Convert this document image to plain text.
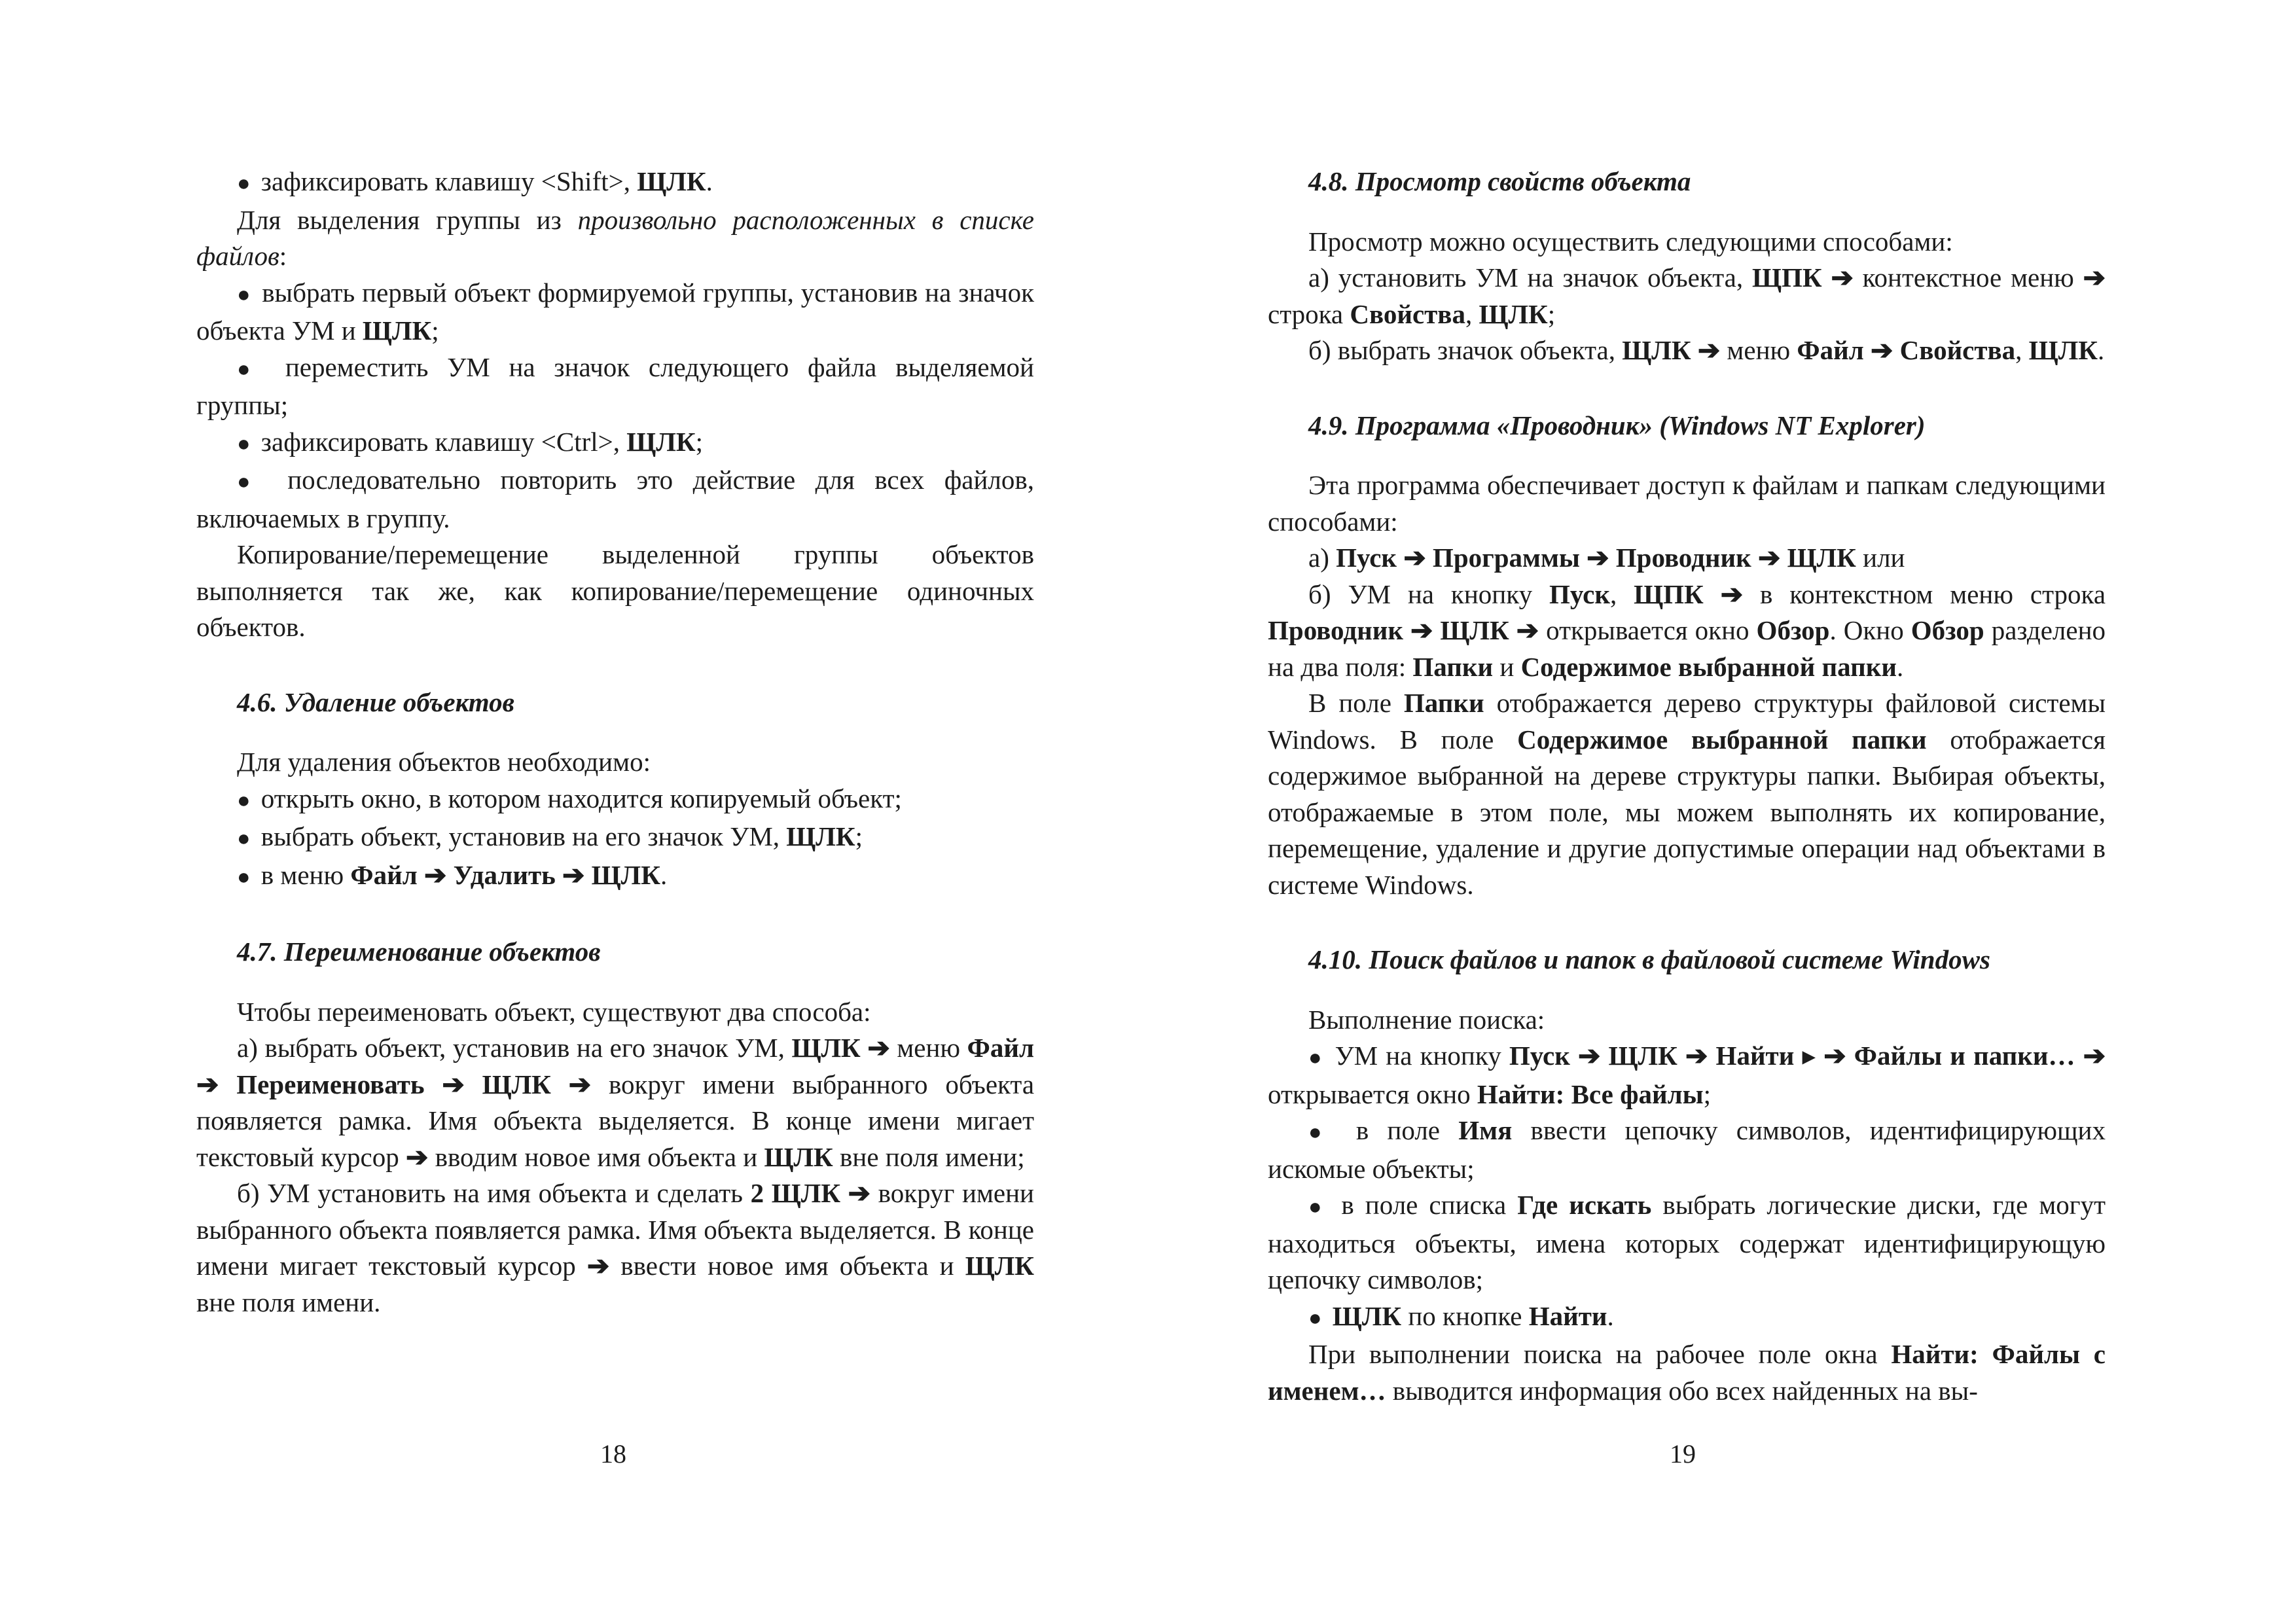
● зафиксировать клавишу <Shift>, ЩЛК.

Для выделения группы из произвольно расположенных в списке файлов:

● выбрать первый объект формируемой группы, установив на значок объекта УМ и ЩЛК;

● переместить УМ на значок следующего файла выделяемой группы;

● зафиксировать клавишу <Ctrl>, ЩЛК;

● последовательно повторить это действие для всех файлов, включаемых в группу.

Копирование/перемещение выделенной группы объектов выполняется так же, как копирование/перемещение одиночных объектов.

4.6. Удаление объектов

Для удаления объектов необходимо:

● открыть окно, в котором находится копируемый объект;

● выбрать объект, установив на его значок УМ, ЩЛК;

● в меню Файл ➔ Удалить ➔ ЩЛК.

4.7. Переименование объектов

Чтобы переименовать объект, существуют два способа:

а) выбрать объект, установив на его значок УМ, ЩЛК ➔ меню Файл ➔ Переименовать ➔ ЩЛК ➔ вокруг имени выбранного объекта появляется рамка. Имя объекта выделяется. В конце имени мигает текстовый курсор ➔ вводим новое имя объекта и ЩЛК вне поля имени;

б) УМ установить на имя объекта и сделать 2 ЩЛК ➔ вокруг имени выбранного объекта появляется рамка. Имя объекта выделяется. В конце имени мигает текстовый курсор ➔ ввести новое имя объекта и ЩЛК вне поля имени.

18
4.8. Просмотр свойств объекта

Просмотр можно осуществить следующими способами:

а) установить УМ на значок объекта, ЩПК ➔ контекстное меню ➔ строка Свойства, ЩЛК;

б) выбрать значок объекта, ЩЛК ➔ меню Файл ➔ Свойства, ЩЛК.

4.9. Программа «Проводник» (Windows NT Explorer)

Эта программа обеспечивает доступ к файлам и папкам следующими способами:

а) Пуск ➔ Программы ➔ Проводник ➔ ЩЛК или

б) УМ на кнопку Пуск, ЩПК ➔ в контекстном меню строка Проводник ➔ ЩЛК ➔ открывается окно Обзор. Окно Обзор разделено на два поля: Папки и Содержимое выбранной папки.

В поле Папки отображается дерево структуры файловой системы Windows. В поле Содержимое выбранной папки отображается содержимое выбранной на дереве структуры папки. Выбирая объекты, отображаемые в этом поле, мы можем выполнять их копирование, перемещение, удаление и другие допустимые операции над объектами в системе Windows.

4.10. Поиск файлов и папок в файловой системе Windows

Выполнение поиска:

● УМ на кнопку Пуск ➔ ЩЛК ➔ Найти ▸ ➔ Файлы и папки… ➔ открывается окно Найти: Все файлы;

● в поле Имя ввести цепочку символов, идентифицирующих искомые объекты;

● в поле списка Где искать выбрать логические диски, где могут находиться объекты, имена которых содержат идентифицирующую цепочку символов;

● ЩЛК по кнопке Найти.

При выполнении поиска на рабочее поле окна Найти: Файлы с именем… выводится информация обо всех найденных на вы-

19
